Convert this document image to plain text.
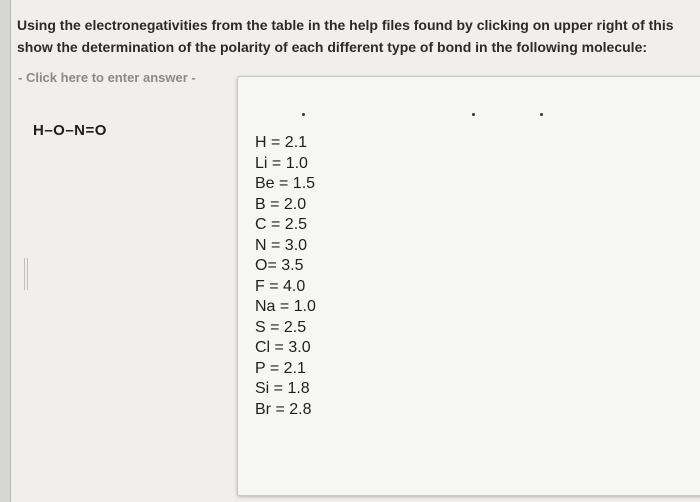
Using the electronegativities from the table in the help files found by clicking on upper right of this
show the determination of the polarity of each different type of bond in the following molecule:
- Click here to enter answer -
H–O–N=O
H = 2.1
Li = 1.0
Be = 1.5
B = 2.0
C = 2.5
N = 3.0
O= 3.5
F = 4.0
Na = 1.0
S = 2.5
Cl = 3.0
P = 2.1
Si = 1.8
Br = 2.8
